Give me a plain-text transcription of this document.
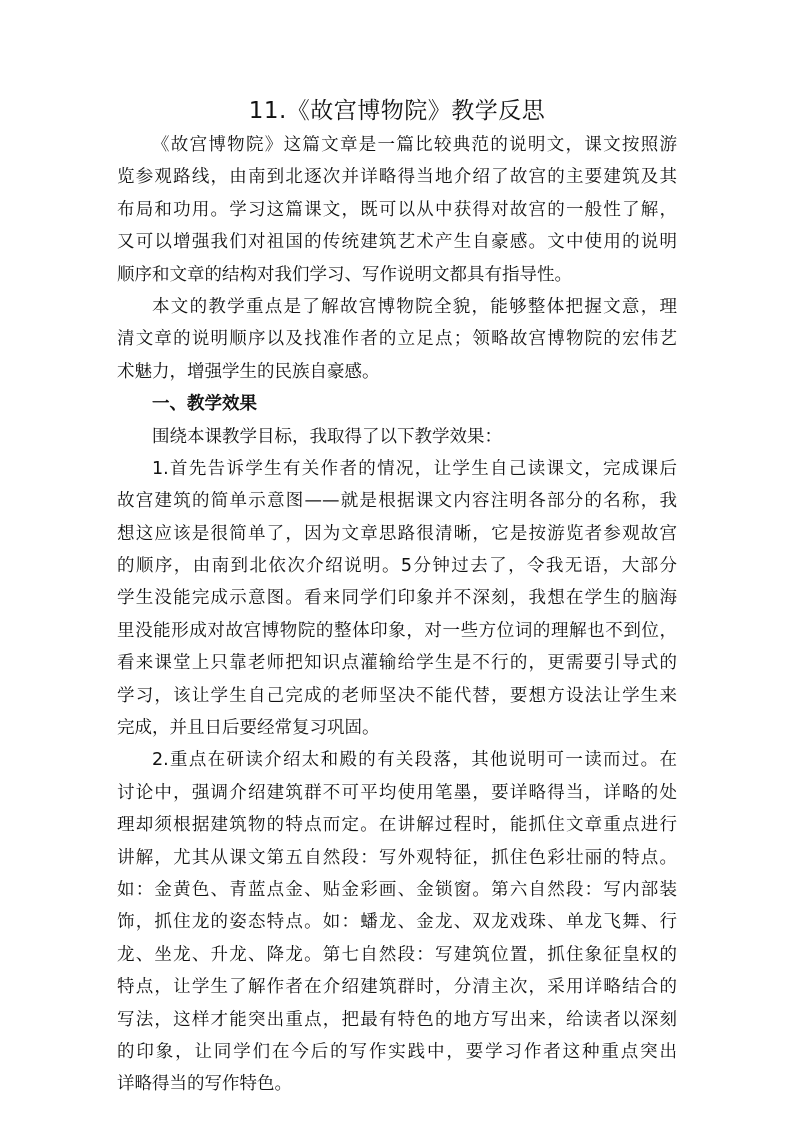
11.《故宫博物院》教学反思
《故宫博物院》这篇文章是一篇比较典范的说明文，课文按照游
览参观路线，由南到北逐次并详略得当地介绍了故宫的主要建筑及其
布局和功用。学习这篇课文，既可以从中获得对故宫的一般性了解，
又可以增强我们对祖国的传统建筑艺术产生自豪感。文中使用的说明
顺序和文章的结构对我们学习、写作说明文都具有指导性。
本文的教学重点是了解故宫博物院全貌，能够整体把握文意，理
清文章的说明顺序以及找准作者的立足点；领略故宫博物院的宏伟艺
术魅力，增强学生的民族自豪感。
一、教学效果
围绕本课教学目标，我取得了以下教学效果：
1.首先告诉学生有关作者的情况，让学生自己读课文，完成课后
故宫建筑的简单示意图——就是根据课文内容注明各部分的名称，我
想这应该是很简单了，因为文章思路很清晰，它是按游览者参观故宫
的顺序，由南到北依次介绍说明。5分钟过去了，令我无语，大部分
学生没能完成示意图。看来同学们印象并不深刻，我想在学生的脑海
里没能形成对故宫博物院的整体印象，对一些方位词的理解也不到位，
看来课堂上只靠老师把知识点灌输给学生是不行的，更需要引导式的
学习，该让学生自己完成的老师坚决不能代替，要想方设法让学生来
完成，并且日后要经常复习巩固。
2.重点在研读介绍太和殿的有关段落，其他说明可一读而过。在
讨论中，强调介绍建筑群不可平均使用笔墨，要详略得当，详略的处
理却须根据建筑物的特点而定。在讲解过程时，能抓住文章重点进行
讲解，尤其从课文第五自然段：写外观特征，抓住色彩壮丽的特点。
如：金黄色、青蓝点金、贴金彩画、金锁窗。第六自然段：写内部装
饰，抓住龙的姿态特点。如：蟠龙、金龙、双龙戏珠、单龙飞舞、行
龙、坐龙、升龙、降龙。第七自然段：写建筑位置，抓住象征皇权的
特点，让学生了解作者在介绍建筑群时，分清主次，采用详略结合的
写法，这样才能突出重点，把最有特色的地方写出来，给读者以深刻
的印象，让同学们在今后的写作实践中，要学习作者这种重点突出
详略得当的写作特色。
